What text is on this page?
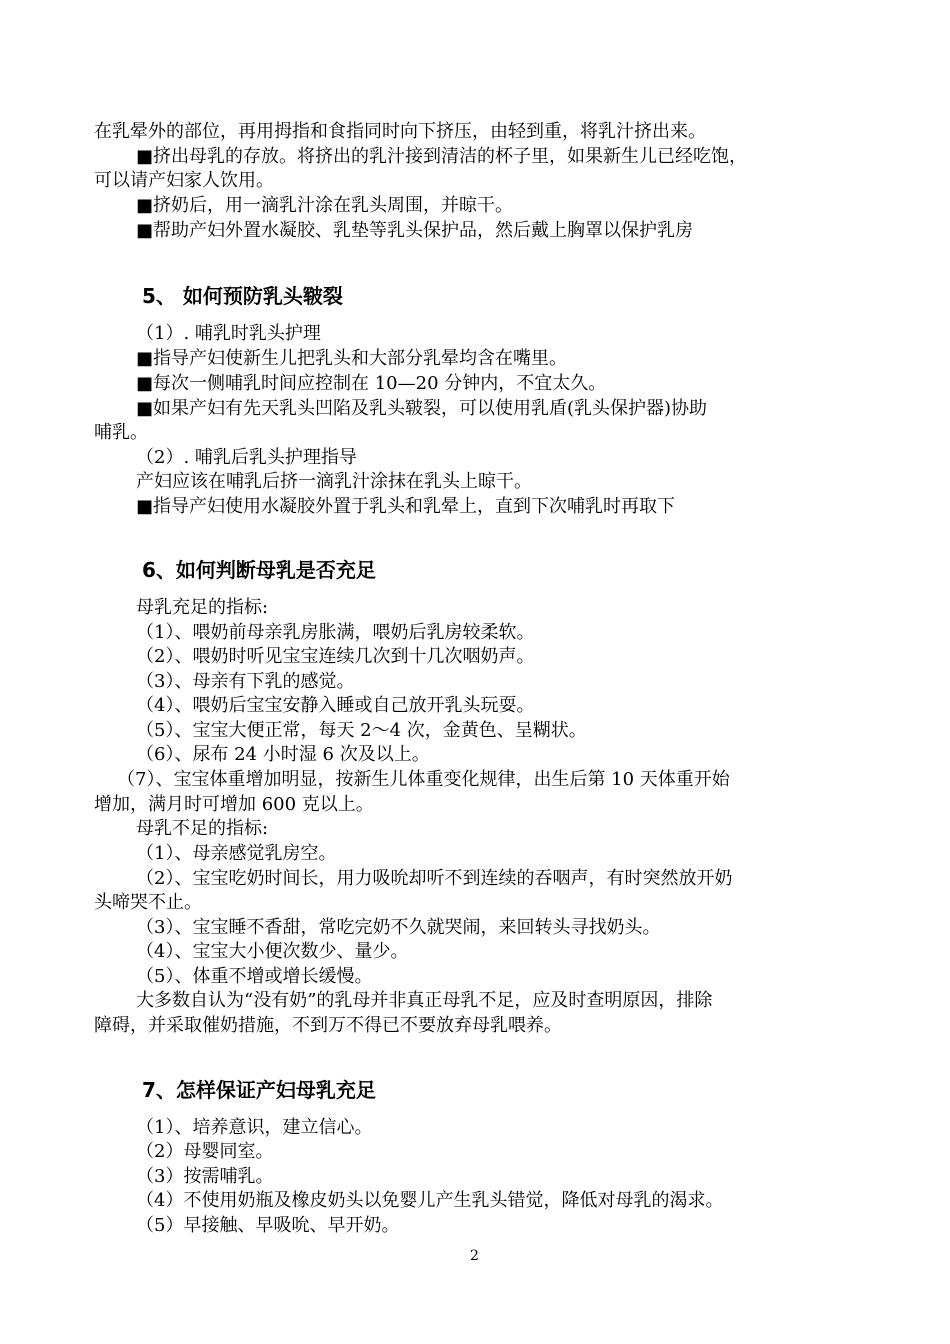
在乳晕外的部位，再用拇指和食指同时向下挤压，由轻到重，将乳汁挤出来。
■挤出母乳的存放。将挤出的乳汁接到清洁的杯子里，如果新生儿已经吃饱，
可以请产妇家人饮用。
■挤奶后，用一滴乳汁涂在乳头周围，并晾干。
■帮助产妇外置水凝胶、乳垫等乳头保护品，然后戴上胸罩以保护乳房
5、 如何预防乳头皲裂
（1）. 哺乳时乳头护理
■指导产妇使新生儿把乳头和大部分乳晕均含在嘴里。
■每次一侧哺乳时间应控制在 10—20 分钟内，不宜太久。
■如果产妇有先天乳头凹陷及乳头皲裂，可以使用乳盾(乳头保护器)协助
哺乳。
（2）. 哺乳后乳头护理指导
产妇应该在哺乳后挤一滴乳汁涂抹在乳头上晾干。
■指导产妇使用水凝胶外置于乳头和乳晕上，直到下次哺乳时再取下
6、如何判断母乳是否充足
母乳充足的指标:
（1）、喂奶前母亲乳房胀满，喂奶后乳房较柔软。
（2）、喂奶时听见宝宝连续几次到十几次咽奶声。
（3）、母亲有下乳的感觉。
（4）、喂奶后宝宝安静入睡或自己放开乳头玩耍。
（5）、宝宝大便正常，每天 2～4 次，金黄色、呈糊状。
（6）、尿布 24 小时湿 6 次及以上。
（7）、宝宝体重增加明显，按新生儿体重变化规律，出生后第 10 天体重开始
增加，满月时可增加 600 克以上。
母乳不足的指标:
（1）、母亲感觉乳房空。
（2）、宝宝吃奶时间长，用力吸吮却听不到连续的吞咽声，有时突然放开奶
头啼哭不止。
（3）、宝宝睡不香甜，常吃完奶不久就哭闹，来回转头寻找奶头。
（4）、宝宝大小便次数少、量少。
（5）、体重不增或增长缓慢。
大多数自认为“没有奶”的乳母并非真正母乳不足，应及时查明原因，排除
障碍，并采取催奶措施，不到万不得已不要放弃母乳喂养。
7、怎样保证产妇母乳充足
（1）、培养意识，建立信心。
（2）母婴同室。
（3）按需哺乳。
（4）不使用奶瓶及橡皮奶头以免婴儿产生乳头错觉，降低对母乳的渴求。
（5）早接触、早吸吮、早开奶。
2
